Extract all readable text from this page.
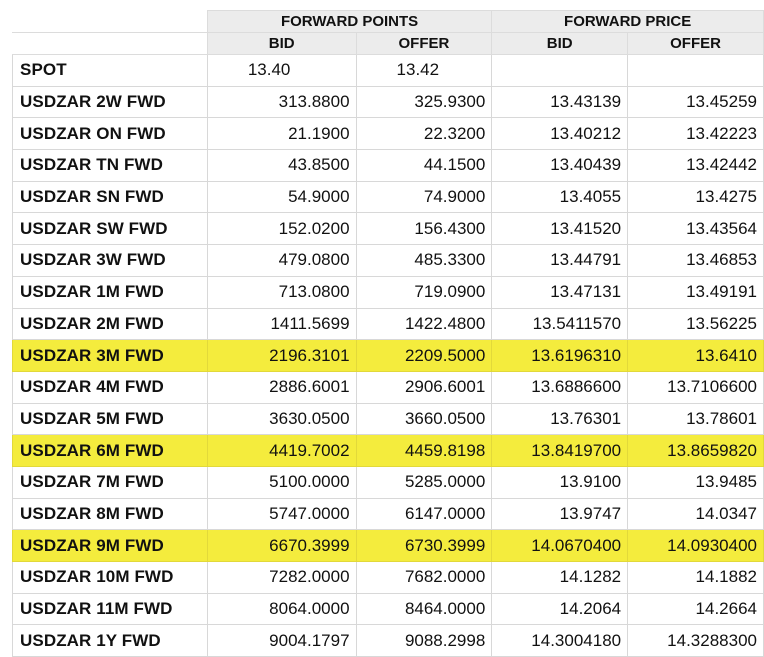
	FORWARD POINTS		FORWARD PRICE	
	BID	OFFER	BID	OFFER
SPOT	13.40	13.42		
USDZAR 2W FWD	313.8800	325.9300	13.43139	13.45259
USDZAR ON FWD	21.1900	22.3200	13.40212	13.42223
USDZAR TN FWD	43.8500	44.1500	13.40439	13.42442
USDZAR SN FWD	54.9000	74.9000	13.4055	13.4275
USDZAR SW FWD	152.0200	156.4300	13.41520	13.43564
USDZAR 3W FWD	479.0800	485.3300	13.44791	13.46853
USDZAR 1M FWD	713.0800	719.0900	13.47131	13.49191
USDZAR 2M FWD	1411.5699	1422.4800	13.5411570	13.56225
USDZAR 3M FWD	2196.3101	2209.5000	13.6196310	13.6410
USDZAR 4M FWD	2886.6001	2906.6001	13.6886600	13.7106600
USDZAR 5M FWD	3630.0500	3660.0500	13.76301	13.78601
USDZAR 6M FWD	4419.7002	4459.8198	13.8419700	13.8659820
USDZAR 7M FWD	5100.0000	5285.0000	13.9100	13.9485
USDZAR 8M FWD	5747.0000	6147.0000	13.9747	14.0347
USDZAR 9M FWD	6670.3999	6730.3999	14.0670400	14.0930400
USDZAR 10M FWD	7282.0000	7682.0000	14.1282	14.1882
USDZAR 11M FWD	8064.0000	8464.0000	14.2064	14.2664
USDZAR 1Y FWD	9004.1797	9088.2998	14.3004180	14.3288300
